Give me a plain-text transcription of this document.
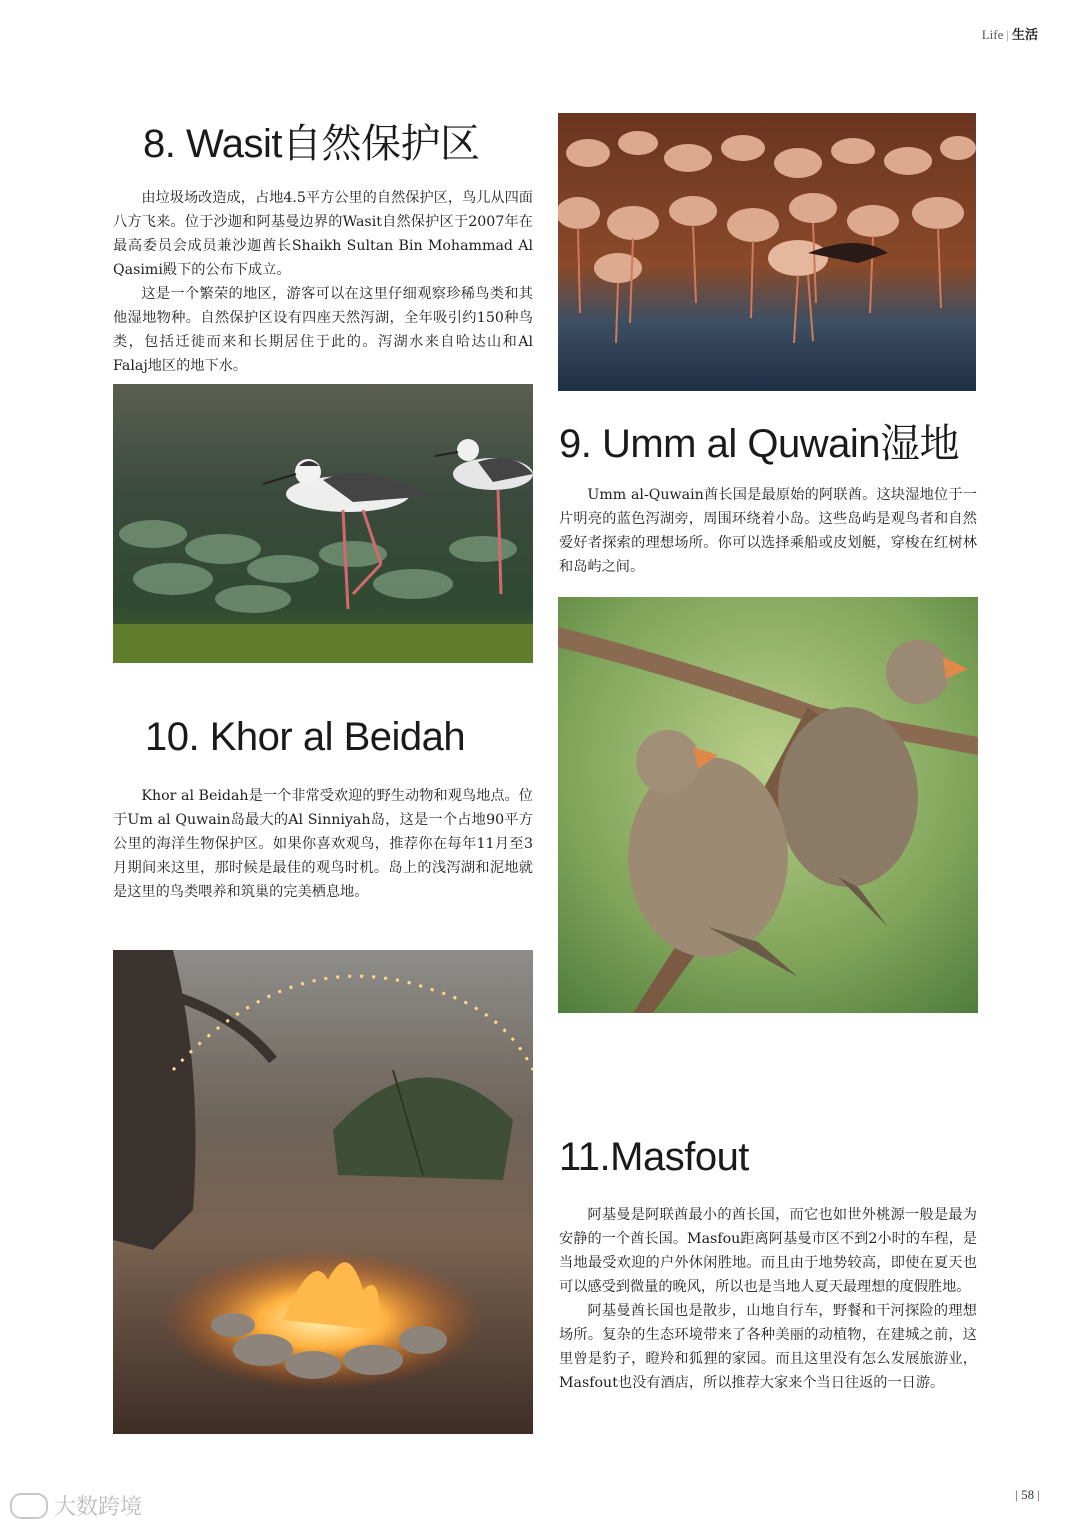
Life | 生活
8. Wasit自然保护区

由垃圾场改造成，占地4.5平方公里的自然保护区，鸟儿从四面八方飞来。位于沙迦和阿基曼边界的Wasit自然保护区于2007年在最高委员会成员兼沙迦酋长Shaikh Sultan Bin Mohammad Al Qasimi殿下的公布下成立。

这是一个繁荣的地区，游客可以在这里仔细观察珍稀鸟类和其他湿地物种。自然保护区设有四座天然泻湖，全年吸引约150种鸟类，包括迁徙而来和长期居住于此的。泻湖水来自哈达山和Al Falaj地区的地下水。

9. Umm al Quwain湿地

Umm al-Quwain酋长国是最原始的阿联酋。这块湿地位于一片明亮的蓝色泻湖旁，周围环绕着小岛。这些岛屿是观鸟者和自然爱好者探索的理想场所。你可以选择乘船或皮划艇，穿梭在红树林和岛屿之间。

10. Khor al Beidah

Khor al Beidah是一个非常受欢迎的野生动物和观鸟地点。位于Um al Quwain岛最大的Al Sinniyah岛，这是一个占地90平方公里的海洋生物保护区。如果你喜欢观鸟，推荐你在每年11月至3月期间来这里，那时候是最佳的观鸟时机。岛上的浅泻湖和泥地就是这里的鸟类喂养和筑巢的完美栖息地。

11.Masfout

阿基曼是阿联酋最小的酋长国，而它也如世外桃源一般是最为安静的一个酋长国。Masfou距离阿基曼市区不到2小时的车程，是当地最受欢迎的户外休闲胜地。而且由于地势较高，即使在夏天也可以感受到微量的晚风，所以也是当地人夏天最理想的度假胜地。

阿基曼酋长国也是散步，山地自行车，野餐和干河探险的理想场所。复杂的生态环境带来了各种美丽的动植物，在建城之前，这里曾是豹子，瞪羚和狐狸的家园。而且这里没有怎么发展旅游业，Masfout也没有酒店，所以推荐大家来个当日往返的一日游。

| 58 |
大数跨境
